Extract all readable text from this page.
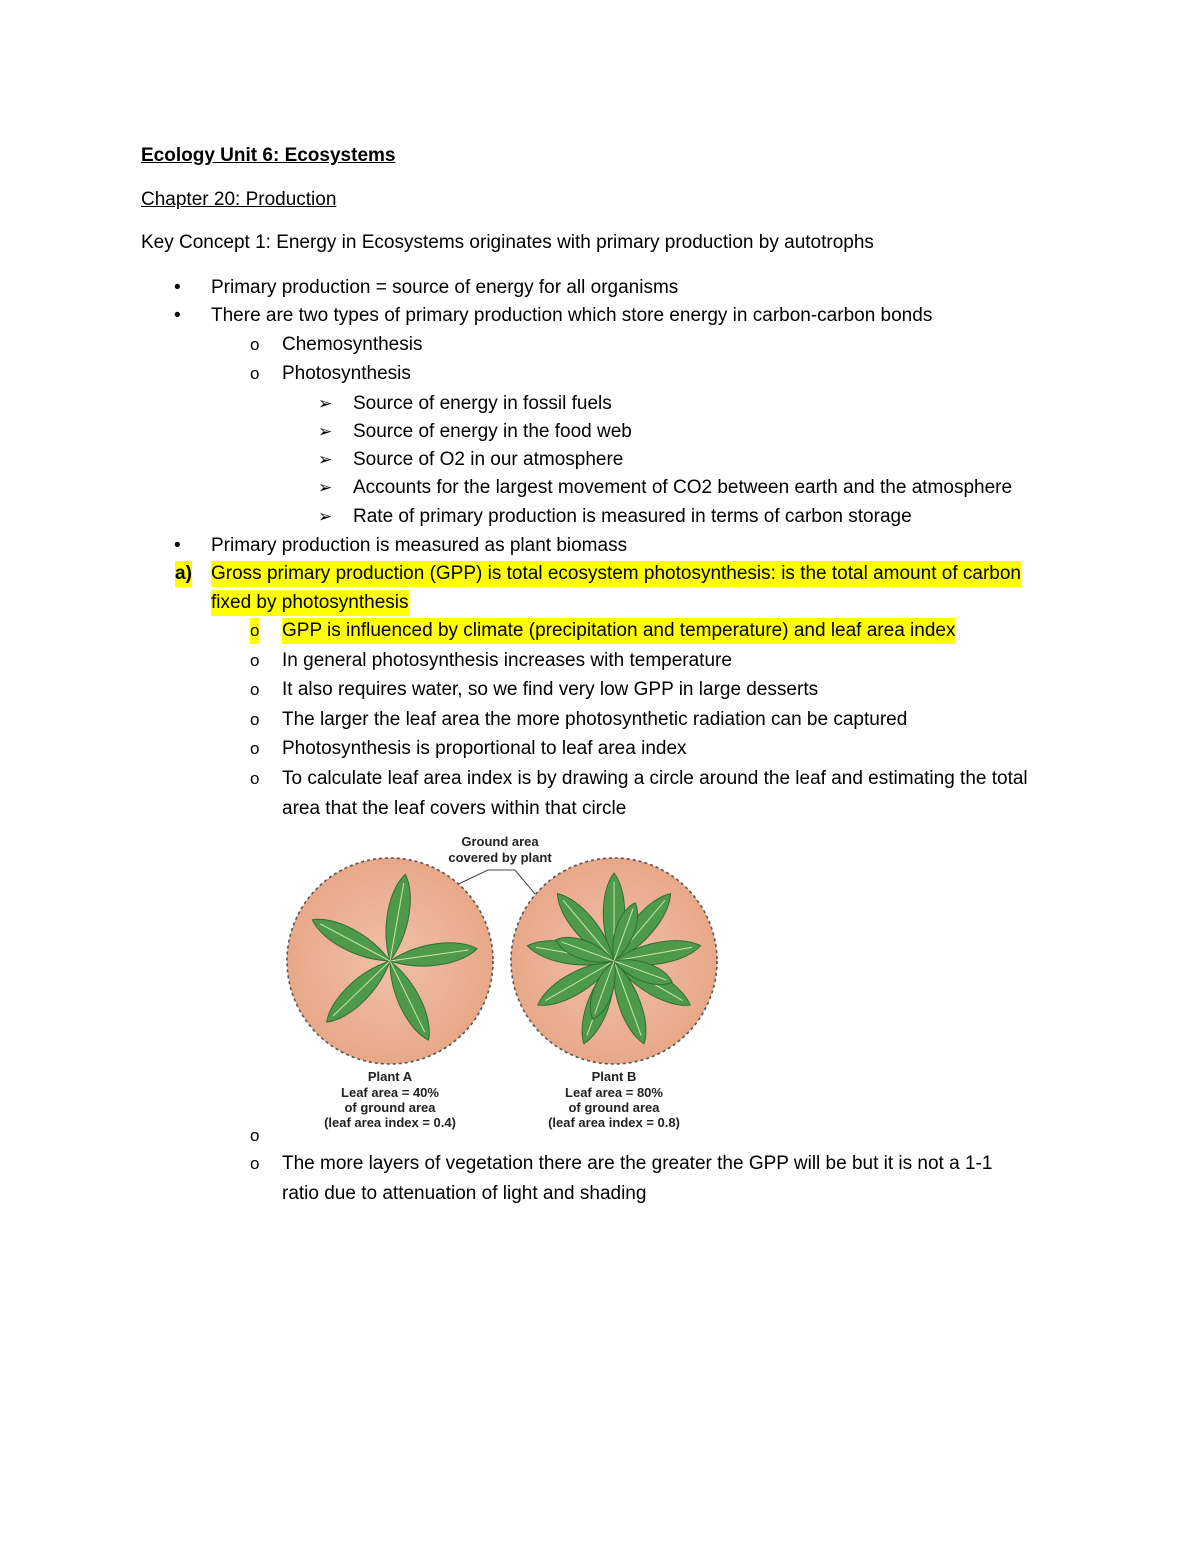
Ecology Unit 6: Ecosystems
Chapter 20: Production
Key Concept 1: Energy in Ecosystems originates with primary production by autotrophs
• Primary production = source of energy for all organisms
• There are two types of primary production which store energy in carbon-carbon bonds
o Chemosynthesis
o Photosynthesis
➢ Source of energy in fossil fuels
➢ Source of energy in the food web
➢ Source of O2 in our atmosphere
➢ Accounts for the largest movement of CO2 between earth and the atmosphere
➢ Rate of primary production is measured in terms of carbon storage
• Primary production is measured as plant biomass
a) Gross primary production (GPP) is total ecosystem photosynthesis: is the total amount of carbon
fixed by photosynthesis
o GPP is influenced by climate (precipitation and temperature) and leaf area index
o In general photosynthesis increases with temperature
o It also requires water, so we find very low GPP in large desserts
o The larger the leaf area the more photosynthetic radiation can be captured
o Photosynthesis is proportional to leaf area index
o To calculate leaf area index is by drawing a circle around the leaf and estimating the total
area that the leaf covers within that circle
Ground area
covered by plant
Plant A
Leaf area = 40%
of ground area
(leaf area index = 0.4)
Plant B
Leaf area = 80%
of ground area
(leaf area index = 0.8)
o
o The more layers of vegetation there are the greater the GPP will be but it is not a 1-1
ratio due to attenuation of light and shading
